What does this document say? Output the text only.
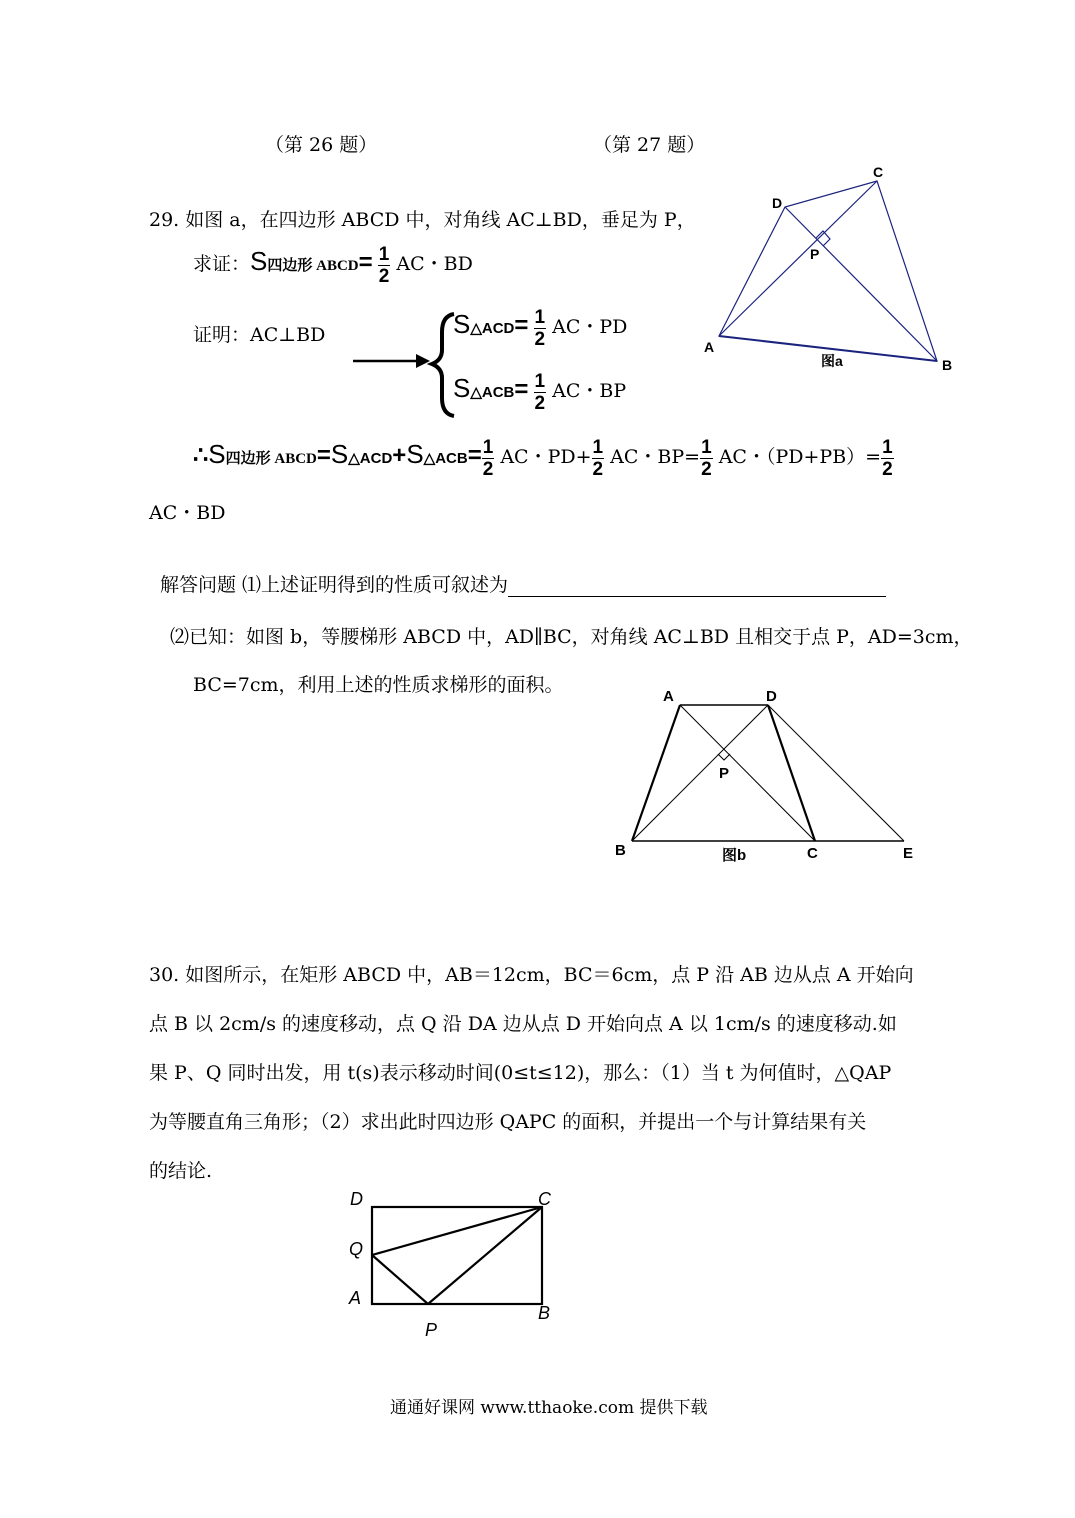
（第 26 题）	（第 27 题）
29. 如图 a，在四边形 ABCD 中，对角线 AC⊥BD，垂足为 P，
求证：S四边形 ABCD= $\frac{1}{2}$ AC・BD
证明：AC⊥BD	S△ACD= $\frac{1}{2}$ AC・PD
S△ACB= $\frac{1}{2}$ AC・BP
∴S四边形 ABCD=S△ACD+S△ACB= $\frac{1}{2}$ AC・$PD+ \frac{1}{2}$ AC・$BP= \frac{1}{2}$ AC・$(PD+PB)= \frac{1}{2}$
AC・BD
解答问题 ⑴上述证明得到的性质可叙述为
⑵已知：如图 b，等腰梯形 ABCD 中，AD∥BC，对角线 AC⊥BD 且相交于点 P，AD=3cm，
BC=7cm，利用上述的性质求梯形的面积。
A
B
C
D
P
图a
A	D
B	C	E
P
图b
30. 如图所示，在矩形 ABCD 中，AB＝12cm，BC＝6cm，点 P 沿 AB 边从点 A 开始向
点 B 以 2cm/s 的速度移动，点 Q 沿 DA 边从点 D 开始向点 A 以 1cm/s 的速度移动.如
果 P、Q 同时出发，用 t(s)表示移动时间(0≤t≤12)，那么：（1）当 t 为何值时，△QAP
为等腰直角三角形；（2）求出此时四边形 QAPC 的面积，并提出一个与计算结果有关
的结论.
D	C
Q
A
B
P
通通好课网 www.tthaoke.com 提供下载
